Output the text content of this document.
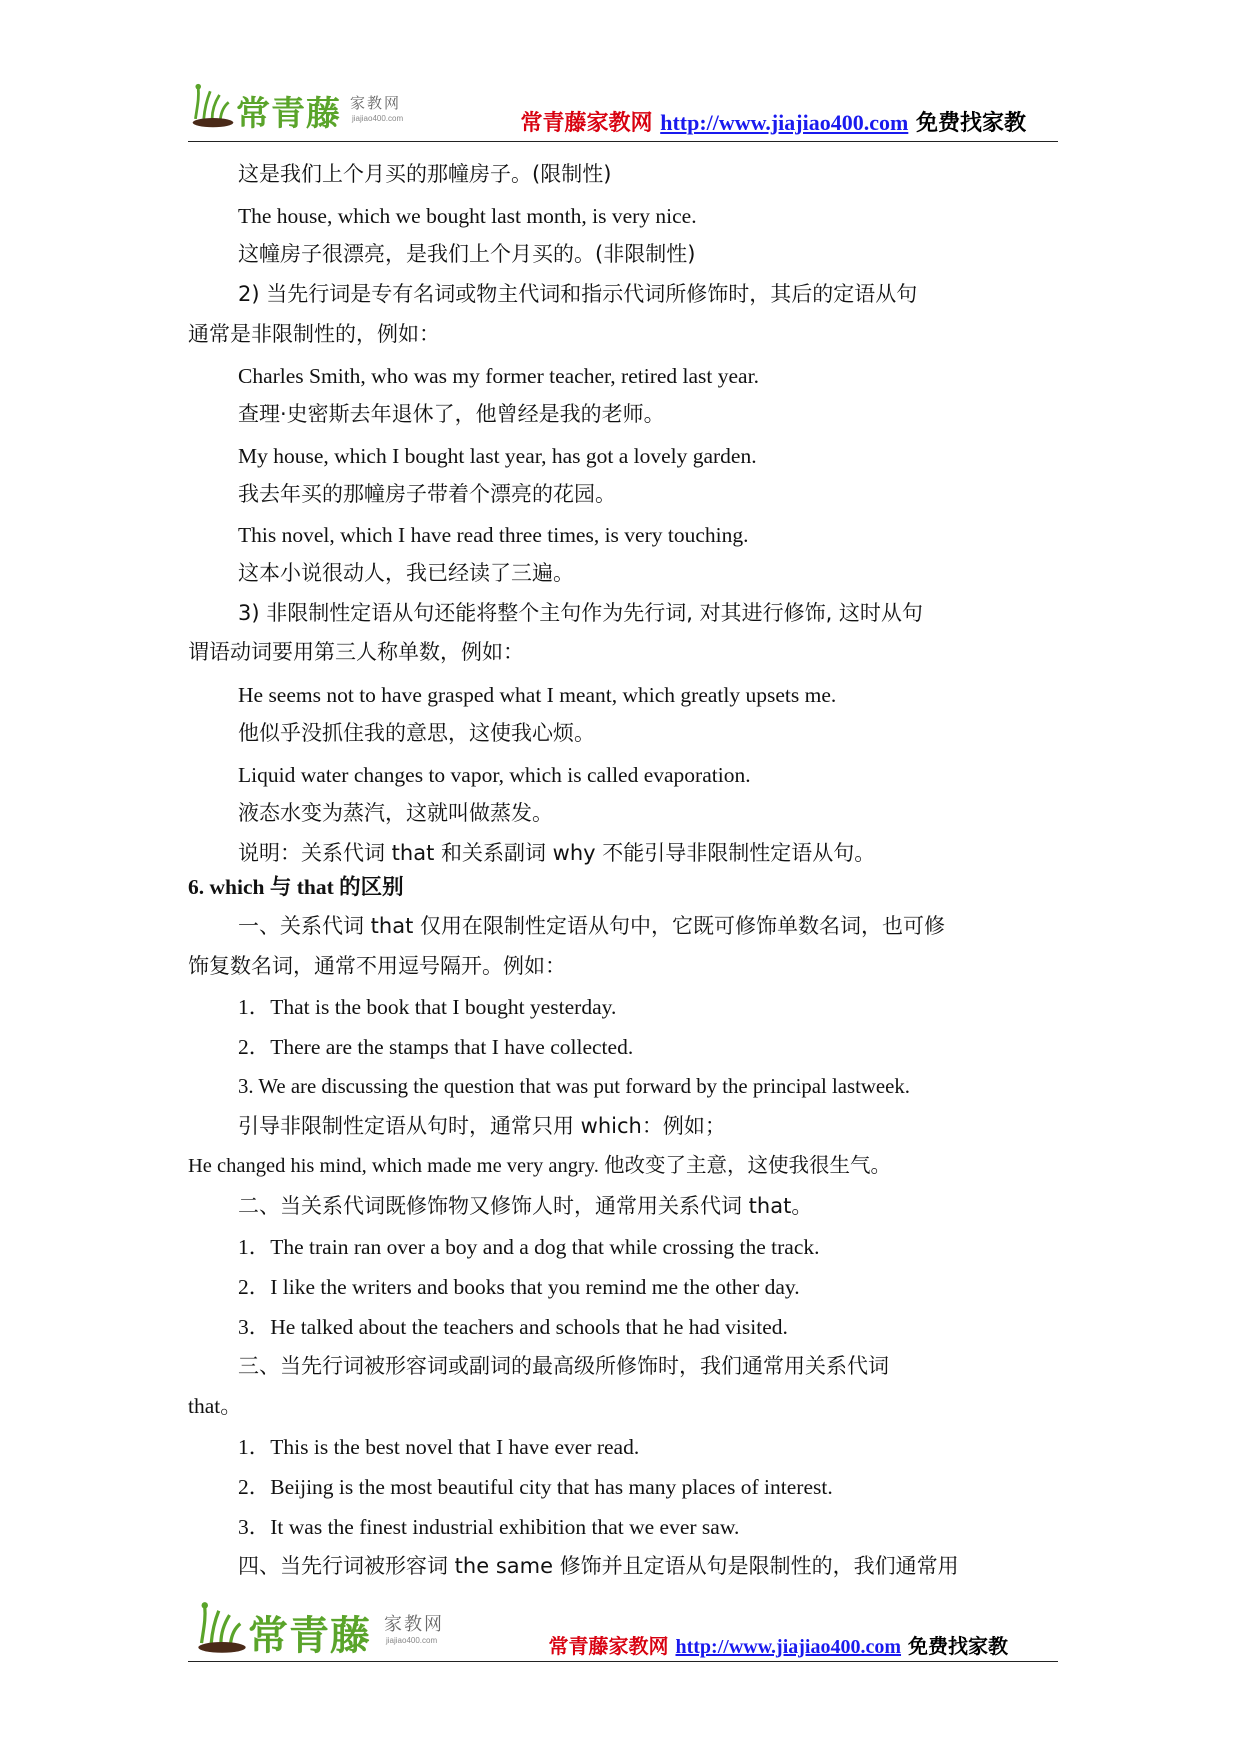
常青藤 家教网
jiajiao400.com	常青藤家教网 http://www.jiajiao400.com 免费找家教
这是我们上个月买的那幢房子。(限制性)
The house, which we bought last month, is very nice.
这幢房子很漂亮，是我们上个月买的。(非限制性)
2) 当先行词是专有名词或物主代词和指示代词所修饰时，其后的定语从句
通常是非限制性的，例如：
Charles Smith, who was my former teacher, retired last year.
查理·史密斯去年退休了，他曾经是我的老师。
My house, which I bought last year, has got a lovely garden.
我去年买的那幢房子带着个漂亮的花园。
This novel, which I have read three times, is very touching.
这本小说很动人，我已经读了三遍。
3) 非限制性定语从句还能将整个主句作为先行词, 对其进行修饰, 这时从句
谓语动词要用第三人称单数，例如：
He seems not to have grasped what I meant, which greatly upsets me.
他似乎没抓住我的意思，这使我心烦。
Liquid water changes to vapor, which is called evaporation.
液态水变为蒸汽，这就叫做蒸发。
说明：关系代词 that 和关系副词 why 不能引导非限制性定语从句。
6. which 与 that 的区别
一、关系代词 that 仅用在限制性定语从句中，它既可修饰单数名词，也可修
饰复数名词，通常不用逗号隔开。例如：
1．That is the book that I bought yesterday.
2．There are the stamps that I have collected.
3. We are discussing the question that was put forward by the principal lastweek.
引导非限制性定语从句时，通常只用 which：例如；
He changed his mind, which made me very angry. 他改变了主意，这使我很生气。
二、当关系代词既修饰物又修饰人时，通常用关系代词 that。
1．The train ran over a boy and a dog that while crossing the track.
2．I like the writers and books that you remind me the other day.
3．He talked about the teachers and schools that he had visited.
三、当先行词被形容词或副词的最高级所修饰时，我们通常用关系代词
that。
1．This is the best novel that I have ever read.
2．Beijing is the most beautiful city that has many places of interest.
3．It was the finest industrial exhibition that we ever saw.
四、当先行词被形容词 the same 修饰并且定语从句是限制性的，我们通常用
常青藤 家教网
jiajiao400.com	常青藤家教网 http://www.jiajiao400.com 免费找家教
